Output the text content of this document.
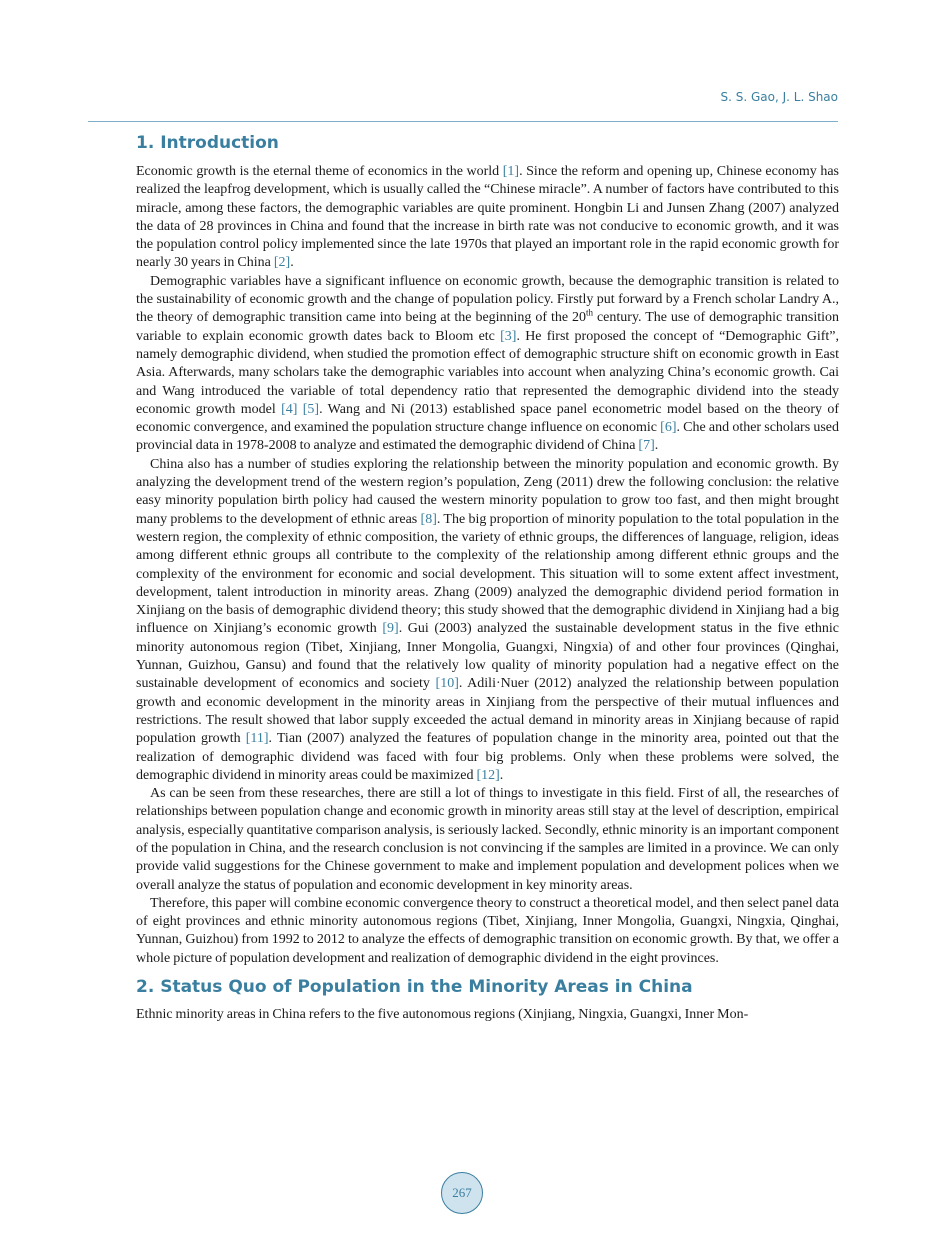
S. S. Gao, J. L. Shao
1. Introduction

Economic growth is the eternal theme of economics in the world [1]. Since the reform and opening up, Chinese economy has realized the leapfrog development, which is usually called the “Chinese miracle”. A number of factors have contributed to this miracle, among these factors, the demographic variables are quite prominent. Hongbin Li and Junsen Zhang (2007) analyzed the data of 28 provinces in China and found that the increase in birth rate was not conducive to economic growth, and it was the population control policy implemented since the late 1970s that played an important role in the rapid economic growth for nearly 30 years in China [2].

Demographic variables have a significant influence on economic growth, because the demographic transition is related to the sustainability of economic growth and the change of population policy. Firstly put forward by a French scholar Landry A., the theory of demographic transition came into being at the beginning of the 20th century. The use of demographic transition variable to explain economic growth dates back to Bloom etc [3]. He first proposed the concept of “Demographic Gift”, namely demographic dividend, when studied the promotion effect of demographic structure shift on economic growth in East Asia. Afterwards, many scholars take the demographic variables into account when analyzing China’s economic growth. Cai and Wang introduced the variable of total dependency ratio that represented the demographic dividend into the steady economic growth model [4] [5]. Wang and Ni (2013) established space panel econometric model based on the theory of economic convergence, and examined the population structure change influence on economic [6]. Che and other scholars used provincial data in 1978-2008 to analyze and estimated the demographic dividend of China [7].

China also has a number of studies exploring the relationship between the minority population and economic growth. By analyzing the development trend of the western region’s population, Zeng (2011) drew the following conclusion: the relative easy minority population birth policy had caused the western minority population to grow too fast, and then might brought many problems to the development of ethnic areas [8]. The big proportion of minority population to the total population in the western region, the complexity of ethnic composition, the variety of ethnic groups, the differences of language, religion, ideas among different ethnic groups all contribute to the complexity of the relationship among different ethnic groups and the complexity of the environment for economic and social development. This situation will to some extent affect investment, development, talent introduction in minority areas. Zhang (2009) analyzed the demographic dividend period formation in Xinjiang on the basis of demographic dividend theory; this study showed that the demographic dividend in Xinjiang had a big influence on Xinjiang’s economic growth [9]. Gui (2003) analyzed the sustainable development status in the five ethnic minority autonomous region (Tibet, Xinjiang, Inner Mongolia, Guangxi, Ningxia) of and other four provinces (Qinghai, Yunnan, Guizhou, Gansu) and found that the relatively low quality of minority population had a negative effect on the sustainable development of economics and society [10]. Adili·Nuer (2012) analyzed the relationship between population growth and economic development in the minority areas in Xinjiang from the perspective of their mutual influences and restrictions. The result showed that labor supply exceeded the actual demand in minority areas in Xinjiang because of rapid population growth [11]. Tian (2007) analyzed the features of population change in the minority area, pointed out that the realization of demographic dividend was faced with four big problems. Only when these problems were solved, the demographic dividend in minority areas could be maximized [12].

As can be seen from these researches, there are still a lot of things to investigate in this field. First of all, the researches of relationships between population change and economic growth in minority areas still stay at the level of description, empirical analysis, especially quantitative comparison analysis, is seriously lacked. Secondly, ethnic minority is an important component of the population in China, and the research conclusion is not convincing if the samples are limited in a province. We can only provide valid suggestions for the Chinese government to make and implement population and development polices when we overall analyze the status of population and economic development in key minority areas.

Therefore, this paper will combine economic convergence theory to construct a theoretical model, and then select panel data of eight provinces and ethnic minority autonomous regions (Tibet, Xinjiang, Inner Mongolia, Guangxi, Ningxia, Qinghai, Yunnan, Guizhou) from 1992 to 2012 to analyze the effects of demographic transition on economic growth. By that, we offer a whole picture of population development and realization of demographic dividend in the eight provinces.

2. Status Quo of Population in the Minority Areas in China

Ethnic minority areas in China refers to the five autonomous regions (Xinjiang, Ningxia, Guangxi, Inner Mon-

267
